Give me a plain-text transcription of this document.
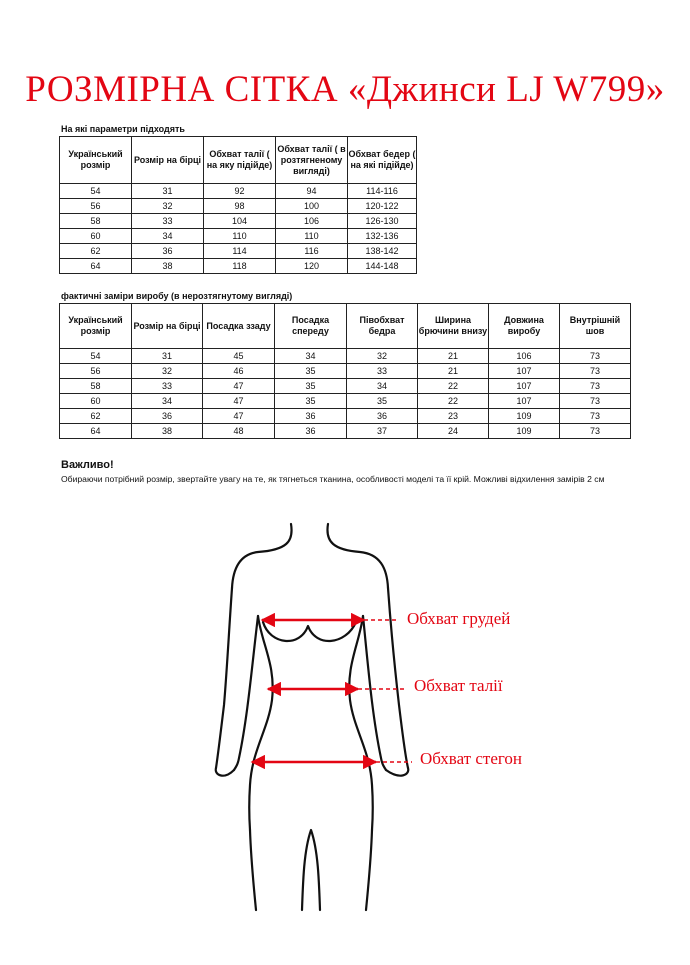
РОЗМІРНА СІТКА «Джинси LJ W799»
На які параметри підходять
Український розмір	Розмір на бірці	Обхват талії ( на яку підійде)	Обхват талії ( в розтягненому вигляді)	Обхват бедер ( на які підійде)
54	31	92	94	114-116
56	32	98	100	120-122
58	33	104	106	126-130
60	34	110	110	132-136
62	36	114	116	138-142
64	38	118	120	144-148
фактичні заміри виробу (в нерозтягнутому вигляді)
Український розмір	Розмір на бірці	Посадка ззаду	Посадка спереду	Півобхват бедра	Ширина брючини внизу	Довжина виробу	Внутрішній шов
54	31	45	34	32	21	106	73
56	32	46	35	33	21	107	73
58	33	47	35	34	22	107	73
60	34	47	35	35	22	107	73
62	36	47	36	36	23	109	73
64	38	48	36	37	24	109	73
Важливо!
Обираючи потрібний розмір, звертайте увагу на те, як тягнеться тканина, особливості моделі та її крій. Можливі відхилення замірів 2 см
Обхват грудей
Обхват талії
Обхват стегон
